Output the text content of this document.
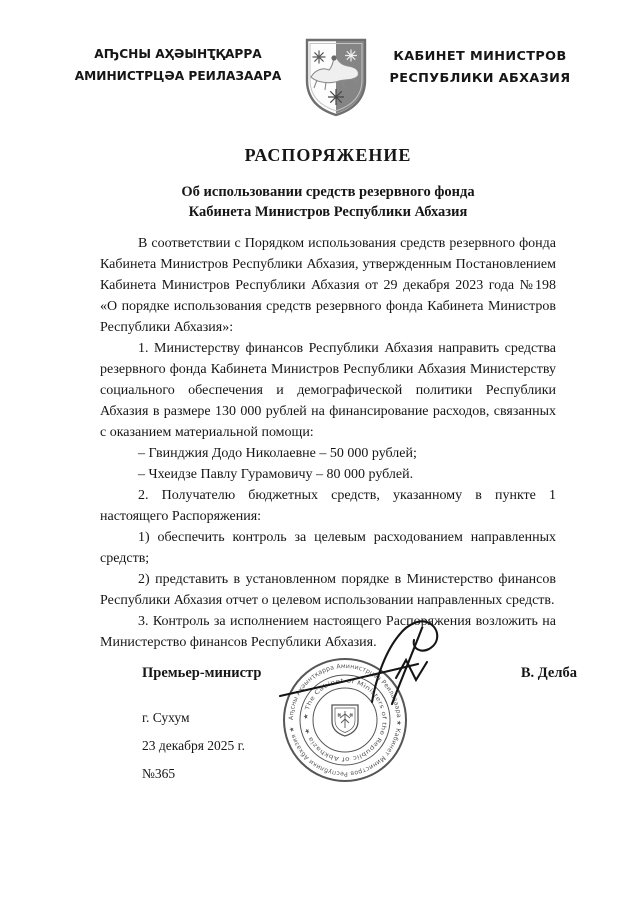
АҦСНЫ АҲӘЫНҬҚАРРА
АМИНИСТРЦӘА РЕИЛАЗААРА
КАБИНЕТ МИНИСТРОВ
РЕСПУБЛИКИ АБХАЗИЯ
РАСПОРЯЖЕНИЕ
Об использовании средств резервного фонда
Кабинета Министров Республики Абхазия

В соответствии с Порядком использования средств резервного фонда Кабинета Министров Республики Абхазия, утвержденным Постановлением Кабинета Министров Республики Абхазия от 29 декабря 2023 года №198 «О порядке использования средств резервного фонда Кабинета Министров Республики Абхазия»:

1. Министерству финансов Республики Абхазия направить средства резервного фонда Кабинета Министров Республики Абхазия Министерству социального обеспечения и демографической политики Республики Абхазия в размере 130 000 рублей на финансирование расходов, связанных с оказанием материальной помощи:

– Гвинджия Додо Николаевне – 50 000 рублей;

– Чхеидзе Павлу Гурамовичу – 80 000 рублей.

2. Получателю бюджетных средств, указанному в пункте 1 настоящего Распоряжения:

1) обеспечить контроль за целевым расходованием направленных средств;

2) представить в установленном порядке в Министерство финансов Республики Абхазия отчет о целевом использовании направленных средств.

3. Контроль за исполнением настоящего Распоряжения возложить на Министерство финансов Республики Абхазия.

Премьер-министр	В. Делба
г. Сухум
23 декабря 2025 г.
№365
Аҧсны Аҳәынҭқарра Аминистрцәа Реилазаара ★ Кабинет Министров Республики Абхазия ★
★ The Cabinet of Ministers of the Republic of Abkhazia ★
